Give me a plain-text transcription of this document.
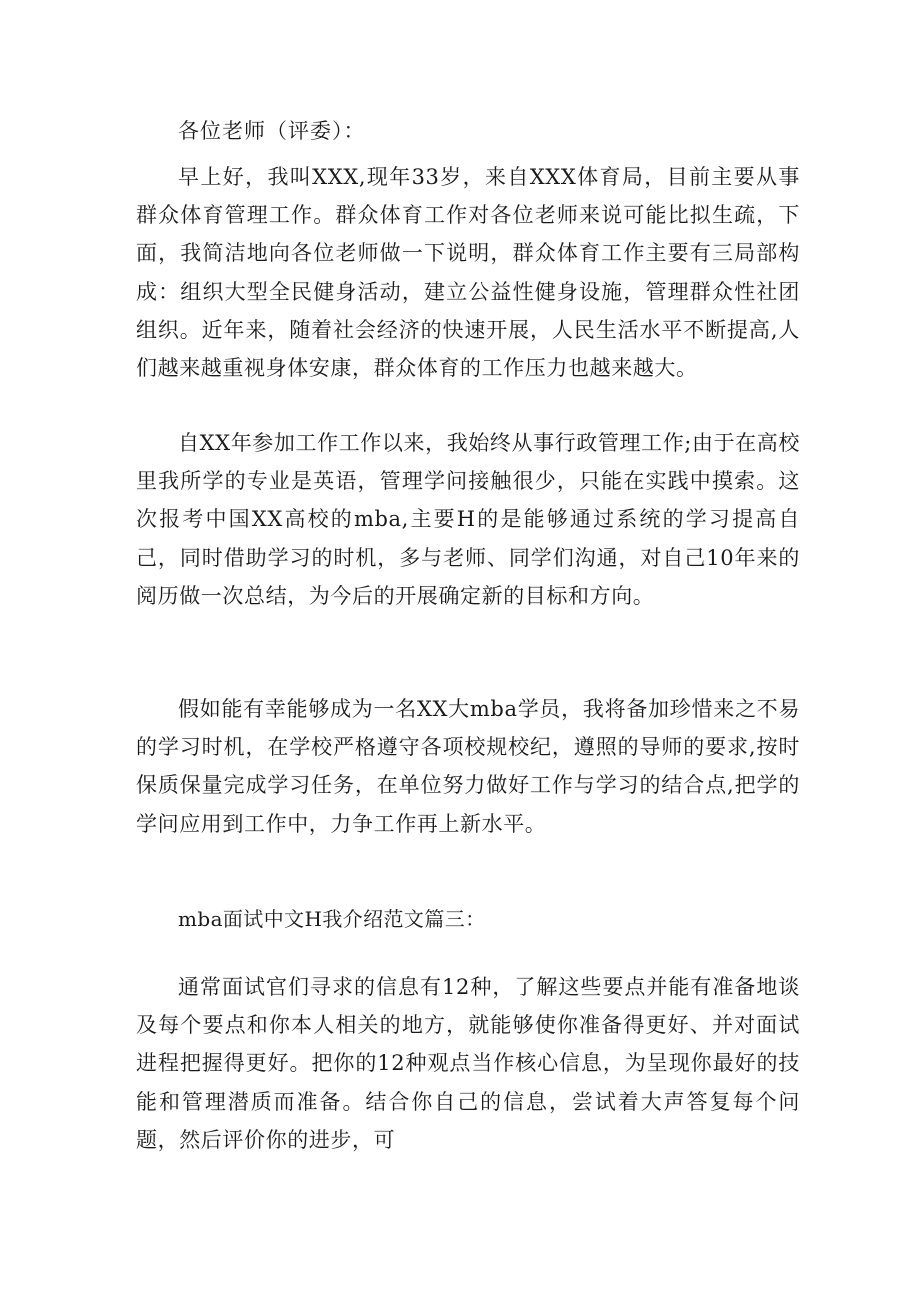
各位老师（评委）：

早上好，我叫XXX,现年33岁，来自XXX体育局，目前主要从事群众体育管理工作。群众体育工作对各位老师来说可能比拟生疏，下面，我简洁地向各位老师做一下说明，群众体育工作主要有三局部构成：组织大型全民健身活动，建立公益性健身设施，管理群众性社团组织。近年来，随着社会经济的快速开展，人民生活水平不断提高,人们越来越重视身体安康，群众体育的工作压力也越来越大。

自XX年参加工作工作以来，我始终从事行政管理工作;由于在高校里我所学的专业是英语，管理学问接触很少，只能在实践中摸索。这次报考中国XX高校的mba,主要H的是能够通过系统的学习提高自己，同时借助学习的时机，多与老师、同学们沟通，对自己10年来的阅历做一次总结，为今后的开展确定新的目标和方向。

假如能有幸能够成为一名XX大mba学员，我将备加珍惜来之不易的学习时机，在学校严格遵守各项校规校纪，遵照的导师的要求,按时保质保量完成学习任务，在单位努力做好工作与学习的结合点,把学的学问应用到工作中，力争工作再上新水平。

mba面试中文H我介绍范文篇三：

通常面试官们寻求的信息有12种，了解这些要点并能有准备地谈及每个要点和你本人相关的地方，就能够使你准备得更好、并对面试进程把握得更好。把你的12种观点当作核心信息，为呈现你最好的技能和管理潜质而准备。结合你自己的信息，尝试着大声答复每个问题，然后评价你的进步，可
